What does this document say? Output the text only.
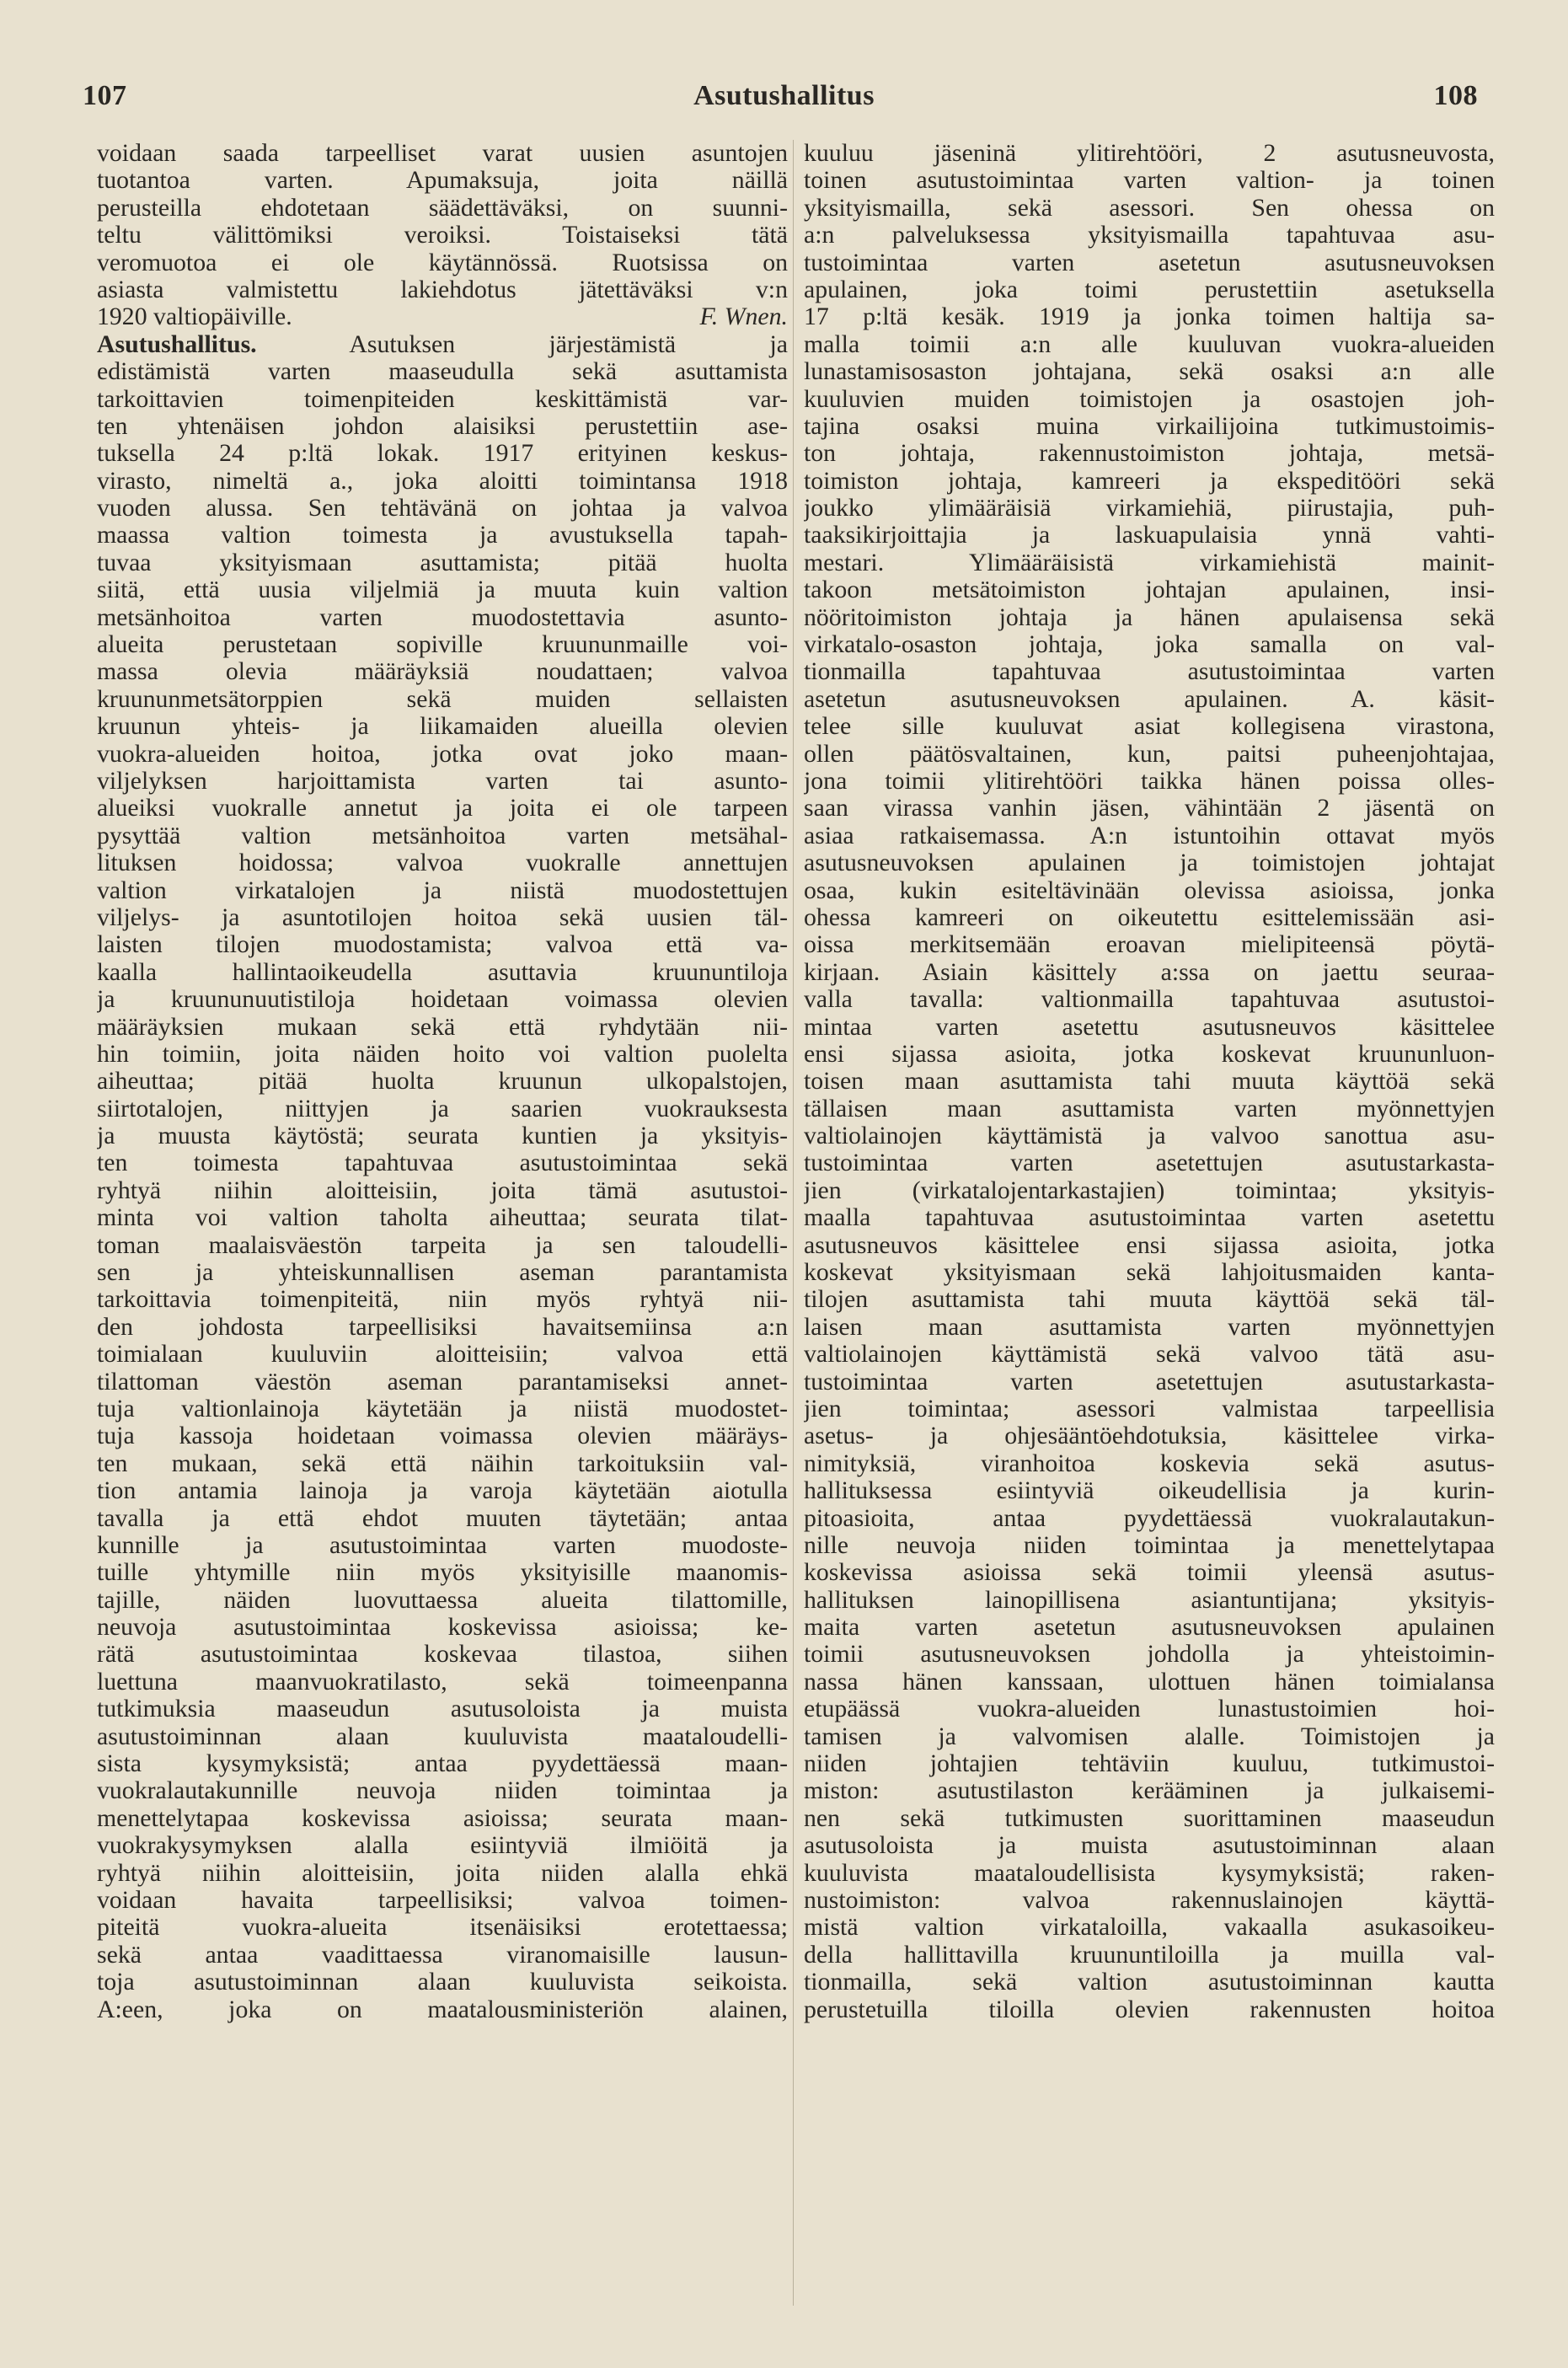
107	Asutushallitus	108
voidaan saada tarpeelliset varat uusien asuntojen
tuotantoa varten. Apumaksuja, joita näillä
perusteilla ehdotetaan säädettäväksi, on suunni-
teltu välittömiksi veroiksi. Toistaiseksi tätä
veromuotoa ei ole käytännössä. Ruotsissa on
asiasta valmistettu lakiehdotus jätettäväksi v:n
1920 valtiopäiville.	F. Wnen.
Asutushallitus. Asutuksen järjestämistä ja
edistämistä varten maaseudulla sekä asuttamista
tarkoittavien toimenpiteiden keskittämistä var-
ten yhtenäisen johdon alaisiksi perustettiin ase-
tuksella 24 p:ltä lokak. 1917 erityinen keskus-
virasto, nimeltä a., joka aloitti toimintansa 1918
vuoden alussa. Sen tehtävänä on johtaa ja valvoa
maassa valtion toimesta ja avustuksella tapah-
tuvaa yksityismaan asuttamista; pitää huolta
siitä, että uusia viljelmiä ja muuta kuin valtion
metsänhoitoa varten muodostettavia asunto-
alueita perustetaan sopiville kruununmaille voi-
massa olevia määräyksiä noudattaen; valvoa
kruununmetsätorppien sekä muiden sellaisten
kruunun yhteis- ja liikamaiden alueilla olevien
vuokra-alueiden hoitoa, jotka ovat joko maan-
viljelyksen harjoittamista varten tai asunto-
alueiksi vuokralle annetut ja joita ei ole tarpeen
pysyttää valtion metsänhoitoa varten metsähal-
lituksen hoidossa; valvoa vuokralle annettujen
valtion virkatalojen ja niistä muodostettujen
viljelys- ja asuntotilojen hoitoa sekä uusien täl-
laisten tilojen muodostamista; valvoa että va-
kaalla hallintaoikeudella asuttavia kruununtiloja
ja kruununuutistiloja hoidetaan voimassa olevien
määräyksien mukaan sekä että ryhdytään nii-
hin toimiin, joita näiden hoito voi valtion puolelta
aiheuttaa; pitää huolta kruunun ulkopalstojen,
siirtotalojen, niittyjen ja saarien vuokrauksesta
ja muusta käytöstä; seurata kuntien ja yksityis-
ten toimesta tapahtuvaa asutustoimintaa sekä
ryhtyä niihin aloitteisiin, joita tämä asutustoi-
minta voi valtion taholta aiheuttaa; seurata tilat-
toman maalaisväestön tarpeita ja sen taloudelli-
sen ja yhteiskunnallisen aseman parantamista
tarkoittavia toimenpiteitä, niin myös ryhtyä nii-
den johdosta tarpeellisiksi havaitsemiinsa a:n
toimialaan kuuluviin aloitteisiin; valvoa että
tilattoman väestön aseman parantamiseksi annet-
tuja valtionlainoja käytetään ja niistä muodostet-
tuja kassoja hoidetaan voimassa olevien määräys-
ten mukaan, sekä että näihin tarkoituksiin val-
tion antamia lainoja ja varoja käytetään aiotulla
tavalla ja että ehdot muuten täytetään; antaa
kunnille ja asutustoimintaa varten muodoste-
tuille yhtymille niin myös yksityisille maanomis-
tajille, näiden luovuttaessa alueita tilattomille,
neuvoja asutustoimintaa koskevissa asioissa; ke-
rätä asutustoimintaa koskevaa tilastoa, siihen
luettuna maanvuokratilasto, sekä toimeenpanna
tutkimuksia maaseudun asutusoloista ja muista
asutustoiminnan alaan kuuluvista maataloudelli-
sista kysymyksistä; antaa pyydettäessä maan-
vuokralautakunnille neuvoja niiden toimintaa ja
menettelytapaa koskevissa asioissa; seurata maan-
vuokrakysymyksen alalla esiintyviä ilmiöitä ja
ryhtyä niihin aloitteisiin, joita niiden alalla ehkä
voidaan havaita tarpeellisiksi; valvoa toimen-
piteitä vuokra-alueita itsenäisiksi erotettaessa;
sekä antaa vaadittaessa viranomaisille lausun-
toja asutustoiminnan alaan kuuluvista seikoista.
A:een, joka on maatalousministeriön alainen,
kuuluu jäseninä ylitirehtööri, 2 asutusneuvosta,
toinen asutustoimintaa varten valtion- ja toinen
yksityismailla, sekä asessori. Sen ohessa on
a:n palveluksessa yksityismailla tapahtuvaa asu-
tustoimintaa varten asetetun asutusneuvoksen
apulainen, joka toimi perustettiin asetuksella
17 p:ltä kesäk. 1919 ja jonka toimen haltija sa-
malla toimii a:n alle kuuluvan vuokra-alueiden
lunastamisosaston johtajana, sekä osaksi a:n alle
kuuluvien muiden toimistojen ja osastojen joh-
tajina osaksi muina virkailijoina tutkimustoimis-
ton johtaja, rakennustoimiston johtaja, metsä-
toimiston johtaja, kamreeri ja ekspeditööri sekä
joukko ylimääräisiä virkamiehiä, piirustajia, puh-
taaksikirjoittajia ja laskuapulaisia ynnä vahti-
mestari. Ylimääräisistä virkamiehistä mainit-
takoon metsätoimiston johtajan apulainen, insi-
nööritoimiston johtaja ja hänen apulaisensa sekä
virkatalo-osaston johtaja, joka samalla on val-
tionmailla tapahtuvaa asutustoimintaa varten
asetetun asutusneuvoksen apulainen. A. käsit-
telee sille kuuluvat asiat kollegisena virastona,
ollen päätösvaltainen, kun, paitsi puheenjohtajaa,
jona toimii ylitirehtööri taikka hänen poissa olles-
saan virassa vanhin jäsen, vähintään 2 jäsentä on
asiaa ratkaisemassa. A:n istuntoihin ottavat myös
asutusneuvoksen apulainen ja toimistojen johtajat
osaa, kukin esiteltävinään olevissa asioissa, jonka
ohessa kamreeri on oikeutettu esittelemissään asi-
oissa merkitsemään eroavan mielipiteensä pöytä-
kirjaan. Asiain käsittely a:ssa on jaettu seuraa-
valla tavalla: valtionmailla tapahtuvaa asutustoi-
mintaa varten asetettu asutusneuvos käsittelee
ensi sijassa asioita, jotka koskevat kruununluon-
toisen maan asuttamista tahi muuta käyttöä sekä
tällaisen maan asuttamista varten myönnettyjen
valtiolainojen käyttämistä ja valvoo sanottua asu-
tustoimintaa varten asetettujen asutustarkasta-
jien (virkatalojentarkastajien) toimintaa; yksityis-
maalla tapahtuvaa asutustoimintaa varten asetettu
asutusneuvos käsittelee ensi sijassa asioita, jotka
koskevat yksityismaan sekä lahjoitusmaiden kanta-
tilojen asuttamista tahi muuta käyttöä sekä täl-
laisen maan asuttamista varten myönnettyjen
valtiolainojen käyttämistä sekä valvoo tätä asu-
tustoimintaa varten asetettujen asutustarkasta-
jien toimintaa; asessori valmistaa tarpeellisia
asetus- ja ohjesääntöehdotuksia, käsittelee virka-
nimityksiä, viranhoitoa koskevia sekä asutus-
hallituksessa esiintyviä oikeudellisia ja kurin-
pitoasioita, antaa pyydettäessä vuokralautakun-
nille neuvoja niiden toimintaa ja menettelytapaa
koskevissa asioissa sekä toimii yleensä asutus-
hallituksen lainopillisena asiantuntijana; yksityis-
maita varten asetetun asutusneuvoksen apulainen
toimii asutusneuvoksen johdolla ja yhteistoimin-
nassa hänen kanssaan, ulottuen hänen toimialansa
etupäässä vuokra-alueiden lunastustoimien hoi-
tamisen ja valvomisen alalle. Toimistojen ja
niiden johtajien tehtäviin kuuluu, tutkimustoi-
miston: asutustilaston kerääminen ja julkaisemi-
nen sekä tutkimusten suorittaminen maaseudun
asutusoloista ja muista asutustoiminnan alaan
kuuluvista maataloudellisista kysymyksistä; raken-
nustoimiston: valvoa rakennuslainojen käyttä-
mistä valtion virkataloilla, vakaalla asukasoikeu-
della hallittavilla kruununtiloilla ja muilla val-
tionmailla, sekä valtion asutustoiminnan kautta
perustetuilla tiloilla olevien rakennusten hoitoa
